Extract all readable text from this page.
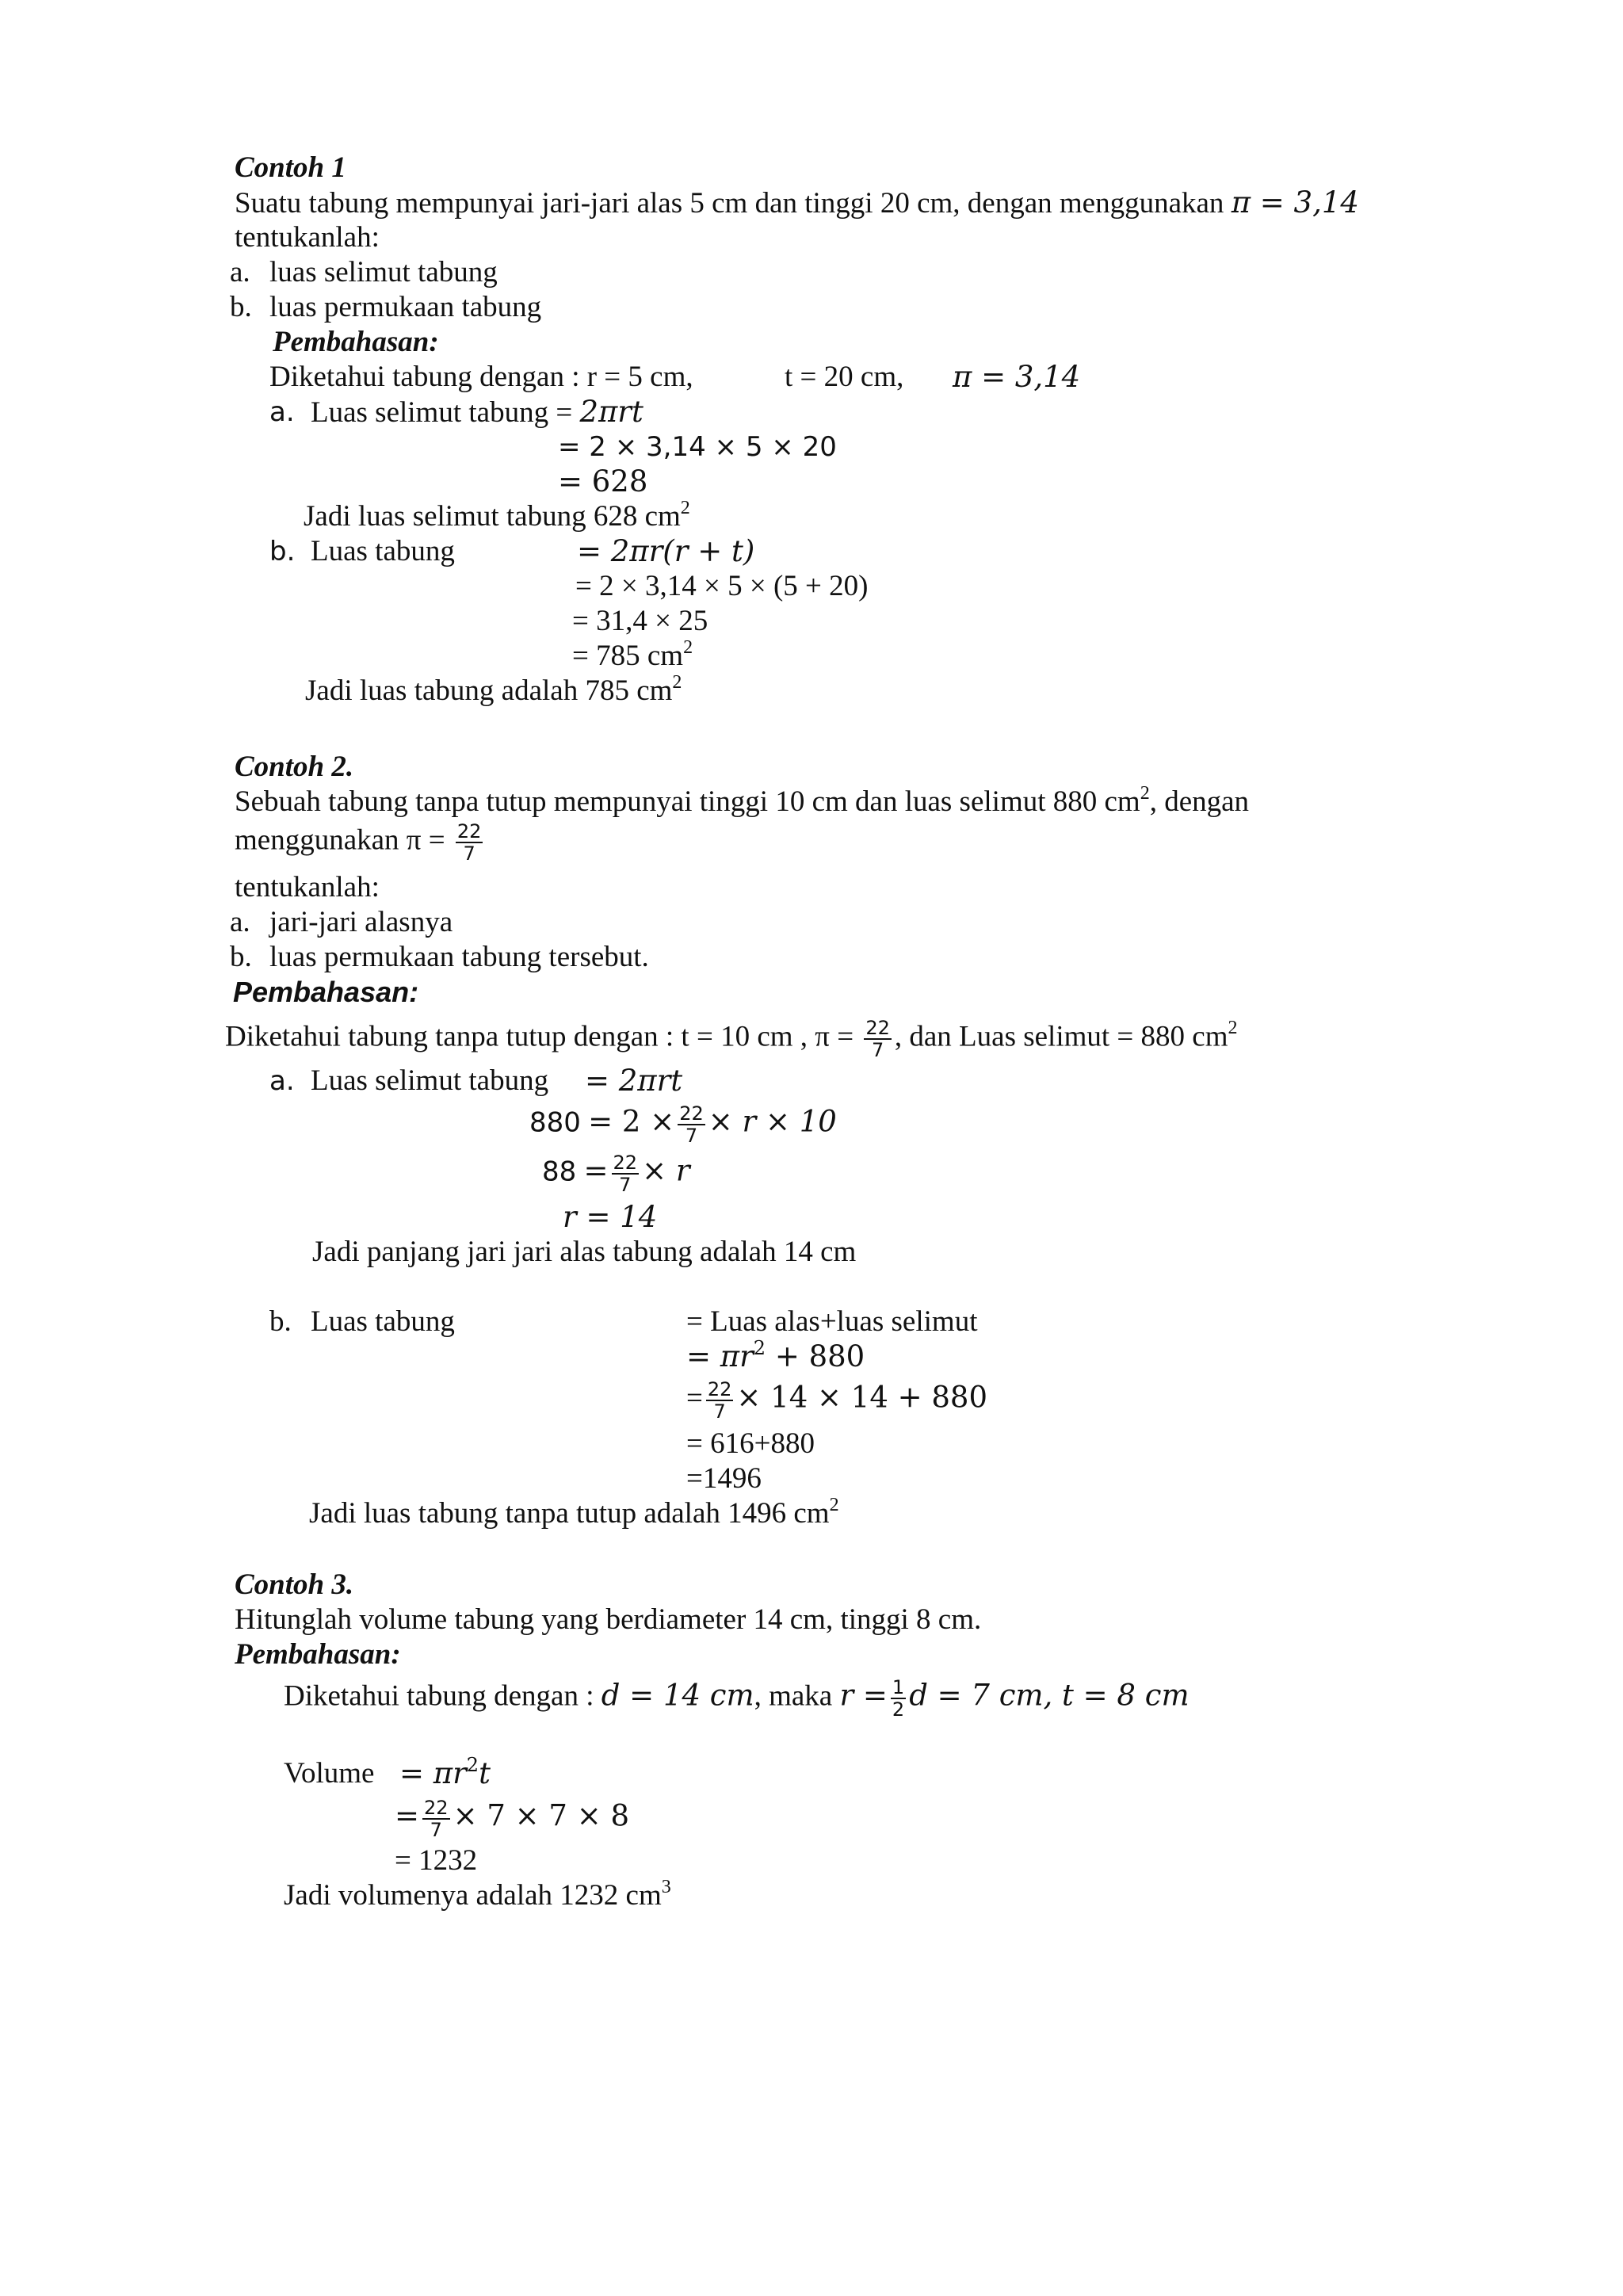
Contoh 1
Suatu tabung mempunyai jari-jari alas 5 cm dan tinggi 20 cm, dengan menggunakan π = 3,14
tentukanlah:
a. luas selimut tabung
b. luas permukaan tabung
Pembahasan:
Diketahui tabung dengan : r = 5 cm,	t = 20 cm, π = 3,14
a. Luas selimut tabung = 2πrt
= 2 × 3,14 × 5 × 20
= 628
Jadi luas selimut tabung 628 $cm^2$
b. Luas tabung	= 2πr(r + t)
= 2 × 3,14 × 5 × (5 + 20)
= 31,4 × 25
= 785 $cm^2$
Jadi luas tabung adalah 785 $cm^2$
Contoh 2.
Sebuah tabung tanpa tutup mempunyai tinggi 10 cm dan luas selimut 880 $cm^2$, dengan
menggunakan $\pi = \frac{22}{7}$
tentukanlah:
a. jari-jari alasnya
b. luas permukaan tabung tersebut.
Pembahasan:
Diketahui tabung tanpa tutup dengan : t = 10 cm , $\pi = \frac{22}{7}$ , dan Luas selimut = 880 $cm^2$
a. Luas selimut tabung = 2πrt
$880 = 2 \times \frac{22}{7} \times r \times 10$
$88 = \frac{22}{7} \times r$
r = 14
Jadi panjang jari jari alas tabung adalah 14 cm
b. Luas tabung	= Luas alas+luas selimut
= $\pi r^2 + 880$
= $\frac{22}{7} \times 14 \times 14 + 880$
= 616+880
=1496
Jadi luas tabung tanpa tutup adalah 1496 $cm^2$
Contoh 3.
Hitunglah volume tabung yang berdiameter 14 cm, tinggi 8 cm.
Pembahasan:
Diketahui tabung dengan : d = 14 cm, maka $r = \frac{1}{2}$ d = 7 cm, t = 8 cm
Volume = $\pi r^2t$
= $\frac{22}{7} \times 7 \times 7 \times 8$
= 1232
Jadi volumenya adalah 1232 $cm^3$
